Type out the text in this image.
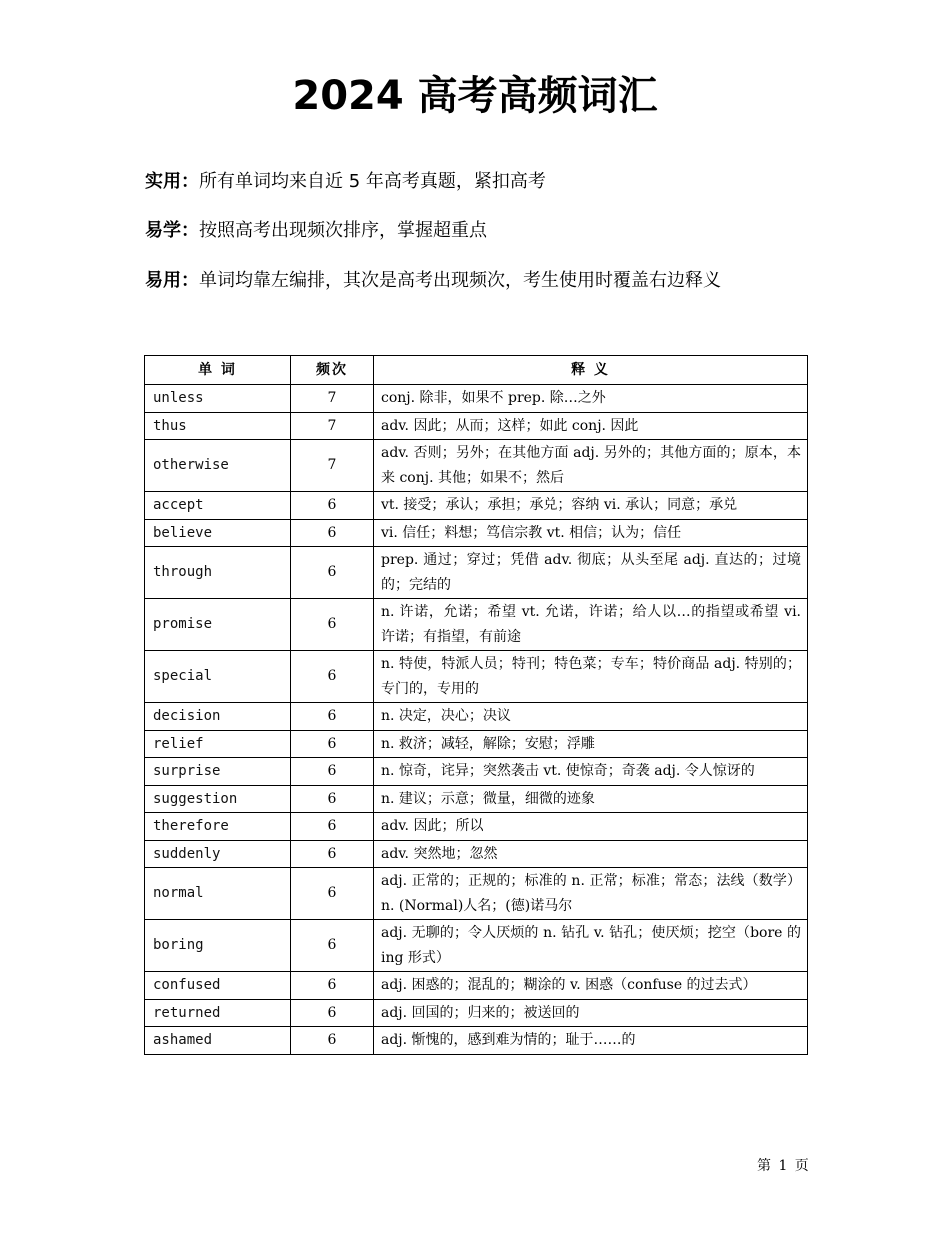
2024 高考高频词汇
实用：所有单词均来自近 5 年高考真题，紧扣高考
易学：按照高考出现频次排序，掌握超重点
易用：单词均靠左编排，其次是高考出现频次，考生使用时覆盖右边释义
单 词	频次	释 义
unless	7	conj. 除非，如果不 prep. 除…之外
thus	7	adv. 因此；从而；这样；如此 conj. 因此
otherwise	7	adv. 否则；另外；在其他方面 adj. 另外的；其他方面的；原本，本来 conj. 其他；如果不；然后
accept	6	vt. 接受；承认；承担；承兑；容纳 vi. 承认；同意；承兑
believe	6	vi. 信任；料想；笃信宗教 vt. 相信；认为；信任
through	6	prep. 通过；穿过；凭借 adv. 彻底；从头至尾 adj. 直达的；过境的；完结的
promise	6	n. 许诺，允诺；希望 vt. 允诺，许诺；给人以…的指望或希望 vi. 许诺；有指望，有前途
special	6	n. 特使，特派人员；特刊；特色菜；专车；特价商品 adj. 特别的；专门的，专用的
decision	6	n. 决定，决心；决议
relief	6	n. 救济；减轻，解除；安慰；浮雕
surprise	6	n. 惊奇，诧异；突然袭击 vt. 使惊奇；奇袭 adj. 令人惊讶的
suggestion	6	n. 建议；示意；微量，细微的迹象
therefore	6	adv. 因此；所以
suddenly	6	adv. 突然地；忽然
normal	6	adj. 正常的；正规的；标准的 n. 正常；标准；常态；法线（数学）n. (Normal)人名；(德)诺马尔
boring	6	adj. 无聊的；令人厌烦的 n. 钻孔 v. 钻孔；使厌烦；挖空（bore 的 ing 形式）
confused	6	adj. 困惑的；混乱的；糊涂的 v. 困惑（confuse 的过去式）
returned	6	adj. 回国的；归来的；被送回的
ashamed	6	adj. 惭愧的，感到难为情的；耻于……的
第 1 页
